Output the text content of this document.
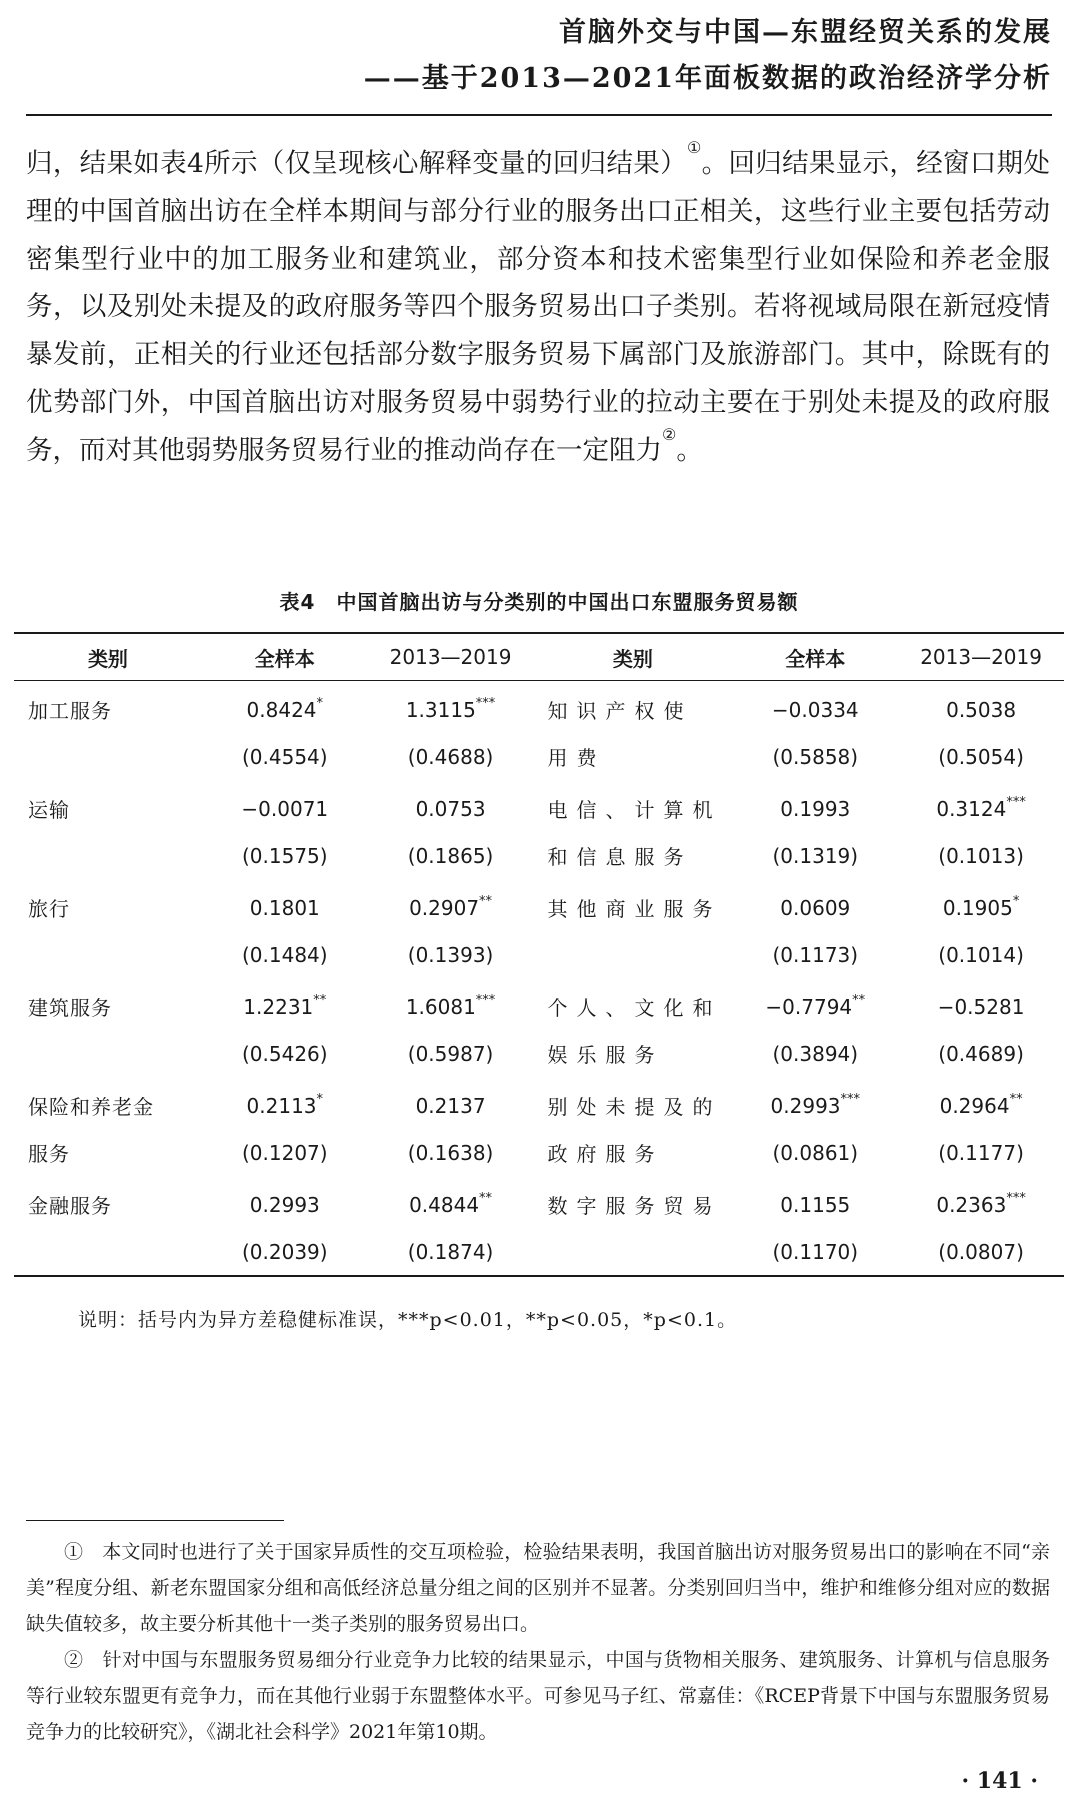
首脑外交与中国—东盟经贸关系的发展
——基于2013—2021年面板数据的政治经济学分析

归，结果如表4所示（仅呈现核心解释变量的回归结果）①。回归结果显示，经窗口期处理的中国首脑出访在全样本期间与部分行业的服务出口正相关，这些行业主要包括劳动密集型行业中的加工服务业和建筑业，部分资本和技术密集型行业如保险和养老金服务，以及别处未提及的政府服务等四个服务贸易出口子类别。若将视域局限在新冠疫情暴发前，正相关的行业还包括部分数字服务贸易下属部门及旅游部门。其中，除既有的优势部门外，中国首脑出访对服务贸易中弱势行业的拉动主要在于别处未提及的政府服务，而对其他弱势服务贸易行业的推动尚存在一定阻力②。

表4　中国首脑出访与分类别的中国出口东盟服务贸易额
类别	全样本	2013—2019	类别	全样本	2013—2019
加工服务	0.8424*	1.3115***	知识产权使	−0.0334	0.5038
	(0.4554)	(0.4688)	用费	(0.5858)	(0.5054)
运输	−0.0071	0.0753	电信、计算机	0.1993	0.3124***
	(0.1575)	(0.1865)	和信息服务	(0.1319)	(0.1013)
旅行	0.1801	0.2907**	其他商业服务	0.0609	0.1905*
	(0.1484)	(0.1393)		(0.1173)	(0.1014)
建筑服务	1.2231**	1.6081***	个人、文化和	−0.7794**	−0.5281
	(0.5426)	(0.5987)	娱乐服务	(0.3894)	(0.4689)
保险和养老金	0.2113*	0.2137	别处未提及的	0.2993***	0.2964**
服务	(0.1207)	(0.1638)	政府服务	(0.0861)	(0.1177)
金融服务	0.2993	0.4844**	数字服务贸易	0.1155	0.2363***
	(0.2039)	(0.1874)		(0.1170)	(0.0807)
说明：括号内为异方差稳健标准误，***p<0.01，**p<0.05，*p<0.1。

①　本文同时也进行了关于国家异质性的交互项检验，检验结果表明，我国首脑出访对服务贸易出口的影响在不同“亲美”程度分组、新老东盟国家分组和高低经济总量分组之间的区别并不显著。分类别回归当中，维护和维修分组对应的数据缺失值较多，故主要分析其他十一类子类别的服务贸易出口。

②　针对中国与东盟服务贸易细分行业竞争力比较的结果显示，中国与货物相关服务、建筑服务、计算机与信息服务等行业较东盟更有竞争力，而在其他行业弱于东盟整体水平。可参见马子红、常嘉佳：《RCEP背景下中国与东盟服务贸易竞争力的比较研究》，《湖北社会科学》2021年第10期。

· 141 ·
